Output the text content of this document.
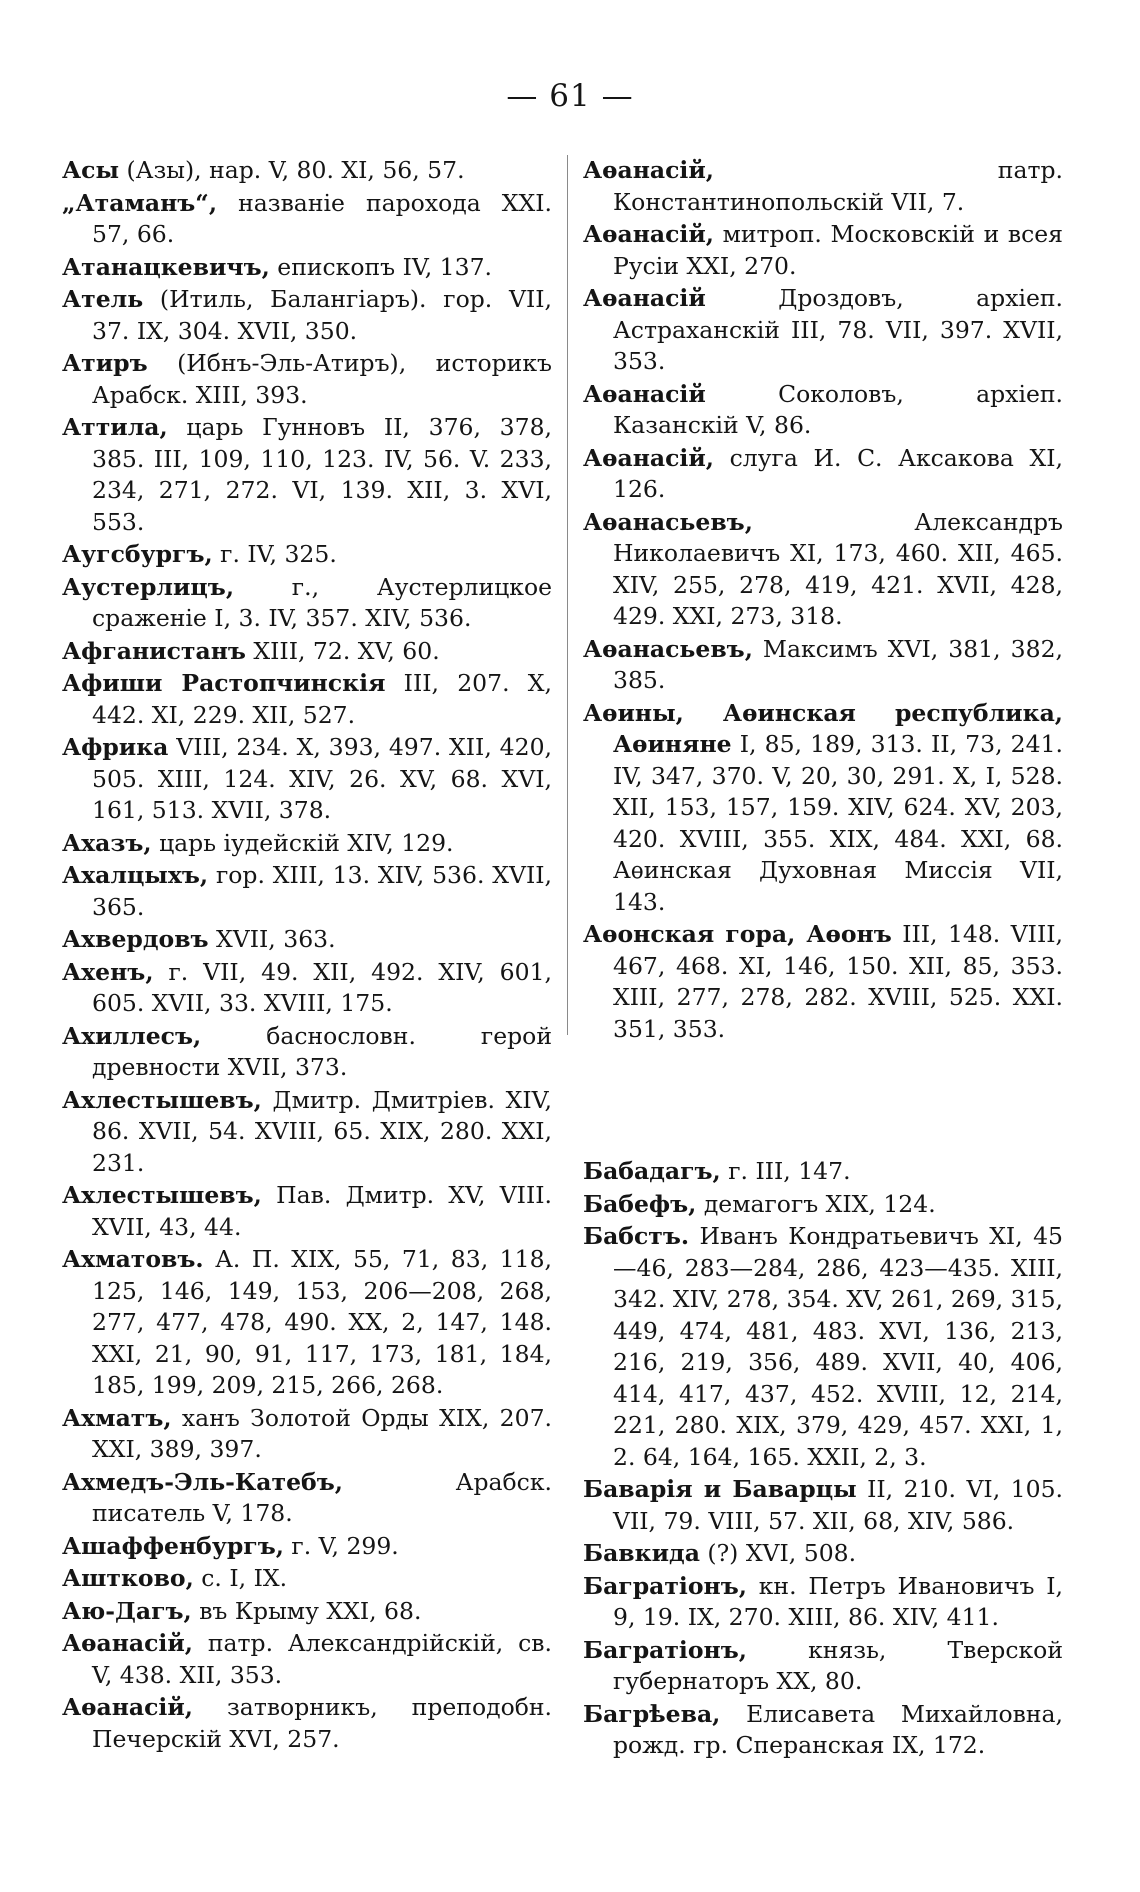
— 61 —
Асы (Азы), нар. V, 80. XI, 56, 57.
„Атаманъ“, названіе парохода XXI. 57, 66.
Атанацкевичъ, епископъ IV, 137.
Атель (Итиль, Балангіаръ). гор. VII, 37. IX, 304. XVII, 350.
Атиръ (Ибнъ-Эль-Атиръ), историкъ Арабск. XIII, 393.
Аттила, царь Гунновъ II, 376, 378, 385. III, 109, 110, 123. IV, 56. V. 233, 234, 271, 272. VI, 139. XII, 3. XVI, 553.
Аугсбургъ, г. IV, 325.
Аустерлицъ, г., Аустерлицкое сраженіе I, 3. IV, 357. XIV, 536.
Афганистанъ XIII, 72. XV, 60.
Афиши Растопчинскія III, 207. X, 442. XI, 229. XII, 527.
Африка VIII, 234. X, 393, 497. XII, 420, 505. XIII, 124. XIV, 26. XV, 68. XVI, 161, 513. XVII, 378.
Ахазъ, царь іудейскій XIV, 129.
Ахалцыхъ, гор. XIII, 13. XIV, 536. XVII, 365.
Ахвердовъ XVII, 363.
Ахенъ, г. VII, 49. XII, 492. XIV, 601, 605. XVII, 33. XVIII, 175.
Ахиллесъ, баснословн. герой древности XVII, 373.
Ахлестышевъ, Дмитр. Дмитріев. XIV, 86. XVII, 54. XVIII, 65. XIX, 280. XXI, 231.
Ахлестышевъ, Пав. Дмитр. XV, VIII. XVII, 43, 44.
Ахматовъ. А. П. XIX, 55, 71, 83, 118, 125, 146, 149, 153, 206—208, 268, 277, 477, 478, 490. XX, 2, 147, 148. XXI, 21, 90, 91, 117, 173, 181, 184, 185, 199, 209, 215, 266, 268.
Ахматъ, ханъ Золотой Орды XIX, 207. XXI, 389, 397.
Ахмедъ-Эль-Катебъ, Арабск. писатель V, 178.
Ашаффенбургъ, г. V, 299.
Аштково, с. I, IX.
Аю-Дагъ, въ Крыму XXI, 68.
Аѳанасій, патр. Александрійскій, св. V, 438. XII, 353.
Аѳанасій, затворникъ, преподобн. Печерскій XVI, 257.
Аѳанасій, патр. Константинопольскій VII, 7.
Аѳанасій, митроп. Московскій и всея Русіи XXI, 270.
Аѳанасій Дроздовъ, архіеп. Астраханскій III, 78. VII, 397. XVII, 353.
Аѳанасій Соколовъ, архіеп. Казанскій V, 86.
Аѳанасій, слуга И. С. Аксакова XI, 126.
Аѳанасьевъ, Александръ Николаевичъ XI, 173, 460. XII, 465. XIV, 255, 278, 419, 421. XVII, 428, 429. XXI, 273, 318.
Аѳанасьевъ, Максимъ XVI, 381, 382, 385.
Аѳины, Аѳинская республика, Аѳиняне I, 85, 189, 313. II, 73, 241. IV, 347, 370. V, 20, 30, 291. X, I, 528. XII, 153, 157, 159. XIV, 624. XV, 203, 420. XVIII, 355. XIX, 484. XXI, 68. Аѳинская Духовная Миссія VII, 143.
Аѳонская гора, Аѳонъ III, 148. VIII, 467, 468. XI, 146, 150. XII, 85, 353. XIII, 277, 278, 282. XVIII, 525. XXI. 351, 353.
Бабадагъ, г. III, 147.
Бабефъ, демагогъ XIX, 124.
Бабстъ. Иванъ Кондратьевичъ XI, 45—46, 283—284, 286, 423—435. XIII, 342. XIV, 278, 354. XV, 261, 269, 315, 449, 474, 481, 483. XVI, 136, 213, 216, 219, 356, 489. XVII, 40, 406, 414, 417, 437, 452. XVIII, 12, 214, 221, 280. XIX, 379, 429, 457. XXI, 1, 2. 64, 164, 165. XXII, 2, 3.
Баварія и Баварцы II, 210. VI, 105. VII, 79. VIII, 57. XII, 68, XIV, 586.
Бавкида (?) XVI, 508.
Багратіонъ, кн. Петръ Ивановичъ I, 9, 19. IX, 270. XIII, 86. XIV, 411.
Багратіонъ, князь, Тверской губернаторъ XX, 80.
Багрѣева, Елисавета Михайловна, рожд. гр. Сперанская IX, 172.
